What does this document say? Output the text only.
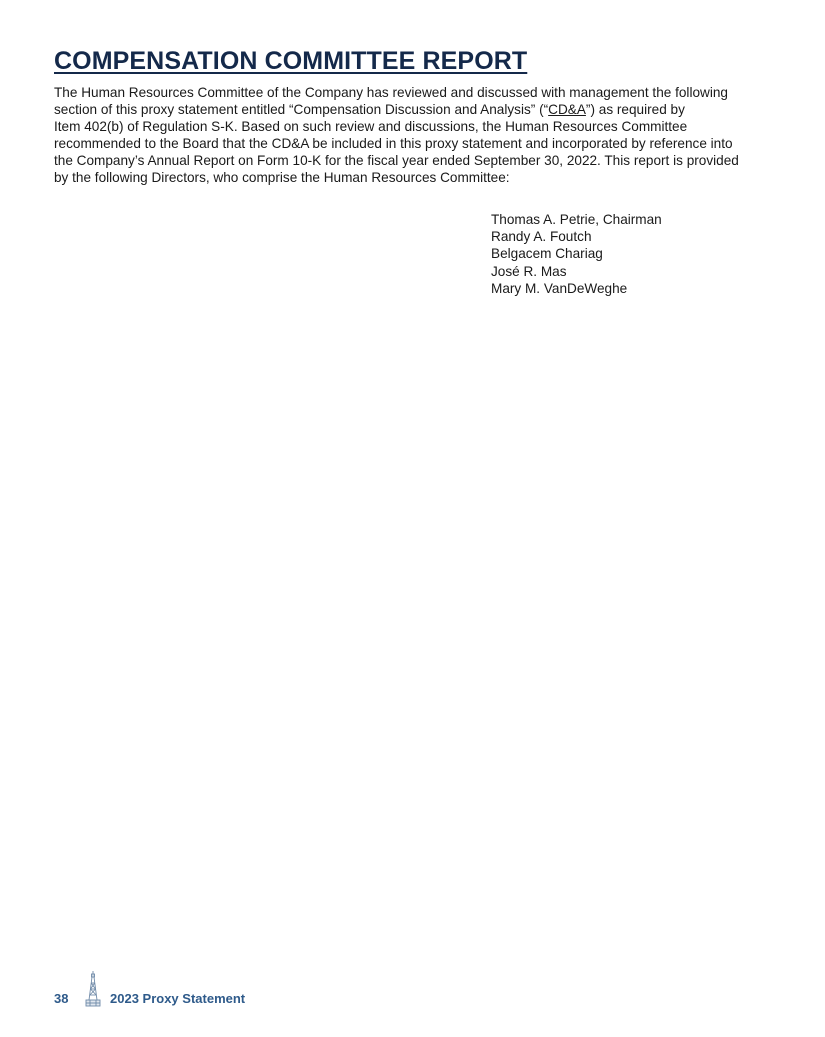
COMPENSATION COMMITTEE REPORT

The Human Resources Committee of the Company has reviewed and discussed with management the following
section of this proxy statement entitled “Compensation Discussion and Analysis” (“CD&A”) as required by
Item 402(b) of Regulation S-K. Based on such review and discussions, the Human Resources Committee
recommended to the Board that the CD&A be included in this proxy statement and incorporated by reference into
the Company’s Annual Report on Form 10-K for the fiscal year ended September 30, 2022. This report is provided
by the following Directors, who comprise the Human Resources Committee:

Thomas A. Petrie, Chairman
Randy A. Foutch
Belgacem Chariag
José R. Mas
Mary M. VanDeWeghe
38	2023 Proxy Statement
